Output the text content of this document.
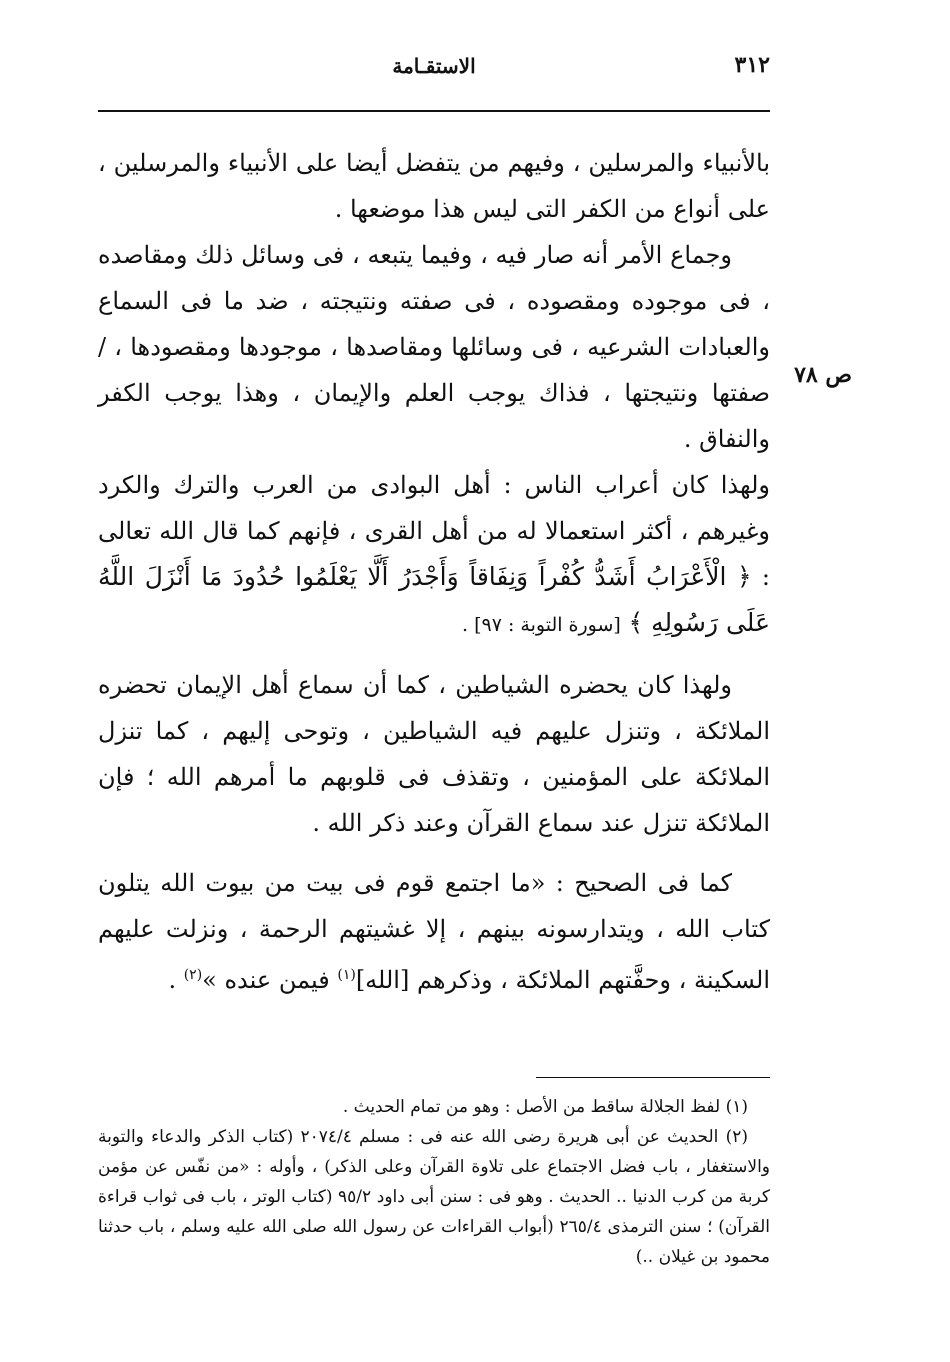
٣١٢
الاستقـامة
ص ٧٨

بالأنبياء والمرسلين ، وفيهم من يتفضل أيضا على الأنبياء والمرسلين ، على أنواع من الكفر التى ليس هذا موضعها .

وجماع الأمر أنه صار فيه ، وفيما يتبعه ، فى وسائل ذلك ومقاصده ، فى موجوده ومقصوده ، فى صفته ونتيجته ، ضد ما فى السماع والعبادات الشرعيه ، فى وسائلها ومقاصدها ، موجودها ومقصودها ، /صفتها ونتيجتها ، فذاك يوجب العلم والإيمان ، وهذا يوجب الكفر والنفاق .

ولهذا كان أعراب الناس : أهل البوادى من العرب والترك والكرد وغيرهم ، أكثر استعمالا له من أهل القرى ، فإنهم كما قال الله تعالى : ﴿ الْأَعْرَابُ أَشَدُّ كُفْراً وَنِفَاقاً وَأَجْدَرُ أَلَّا يَعْلَمُوا حُدُودَ مَا أَنْزَلَ اللَّهُ عَلَى رَسُولِهِ ﴾ [سورة التوبة : ٩٧] .

ولهذا كان يحضره الشياطين ، كما أن سماع أهل الإيمان تحضره الملائكة ، وتنزل عليهم فيه الشياطين ، وتوحى إليهم ، كما تنزل الملائكة على المؤمنين ، وتقذف فى قلوبهم ما أمرهم الله ؛ فإن الملائكة تنزل عند سماع القرآن وعند ذكر الله .

كما فى الصحيح : «ما اجتمع قوم فى بيت من بيوت الله يتلون كتاب الله ، ويتدارسونه بينهم ، إلا غشيتهم الرحمة ، ونزلت عليهم السكينة ، وحفَّتهم الملائكة ، وذكرهم [الله]$^{(١)}$ فيمن عنده »$^{(٢)}$ .

(١) لفظ الجلالة ساقط من الأصل : وهو من تمام الحديث .

(٢) الحديث عن أبى هريرة رضى الله عنه فى : مسلم ٢٠٧٤/٤ (كتاب الذكر والدعاء والتوبة والاستغفار ، باب فضل الاجتماع على تلاوة القرآن وعلى الذكر) ، وأوله : «من نفّس عن مؤمن كربة من كرب الدنيا .. الحديث . وهو فى : سنن أبى داود ٩٥/٢ (كتاب الوتر ، باب فى ثواب قراءة القرآن) ؛ سنن الترمذى ٢٦٥/٤ (أبواب القراءات عن رسول الله صلى الله عليه وسلم ، باب حدثنا محمود بن غيلان ..)
